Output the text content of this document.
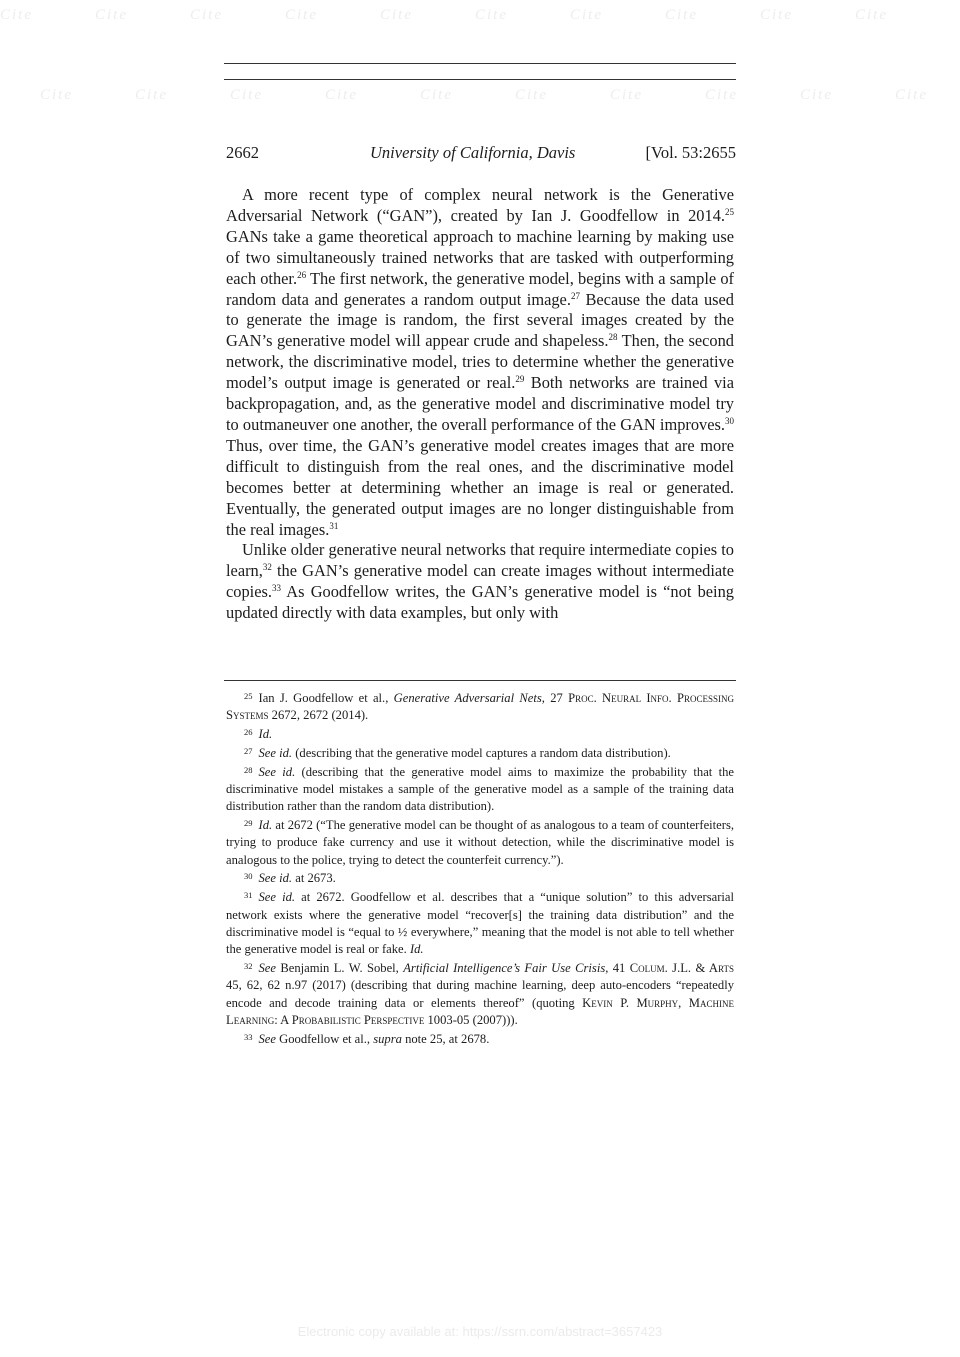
Cite	Cite	Cite	Cite	Cite	Cite	Cite	Cite	Cite	Cite
Cite	Cite	Cite	Cite	Cite	Cite	Cite	Cite	Cite	Cite
2662	University of California, Davis	[Vol. 53:2655

A more recent type of complex neural network is the Generative Adversarial Network (“GAN”), created by Ian J. Goodfellow in 2014.25 GANs take a game theoretical approach to machine learning by making use of two simultaneously trained networks that are tasked with outperforming each other.$^{26}$ The first network, the generative model, begins with a sample of random data and generates a random output image.$^{27}$ Because the data used to generate the image is random, the first several images created by the GAN’s generative model will appear crude and shapeless.$^{28}$ Then, the second network, the discriminative model, tries to determine whether the generative model’s output image is generated or real.$^{29}$ Both networks are trained via backpropagation, and, as the generative model and discriminative model try to outmaneuver one another, the overall performance of the GAN improves.$^{30}$ Thus, over time, the GAN’s generative model creates images that are more difficult to distinguish from the real ones, and the discriminative model becomes better at determining whether an image is real or generated. Eventually, the generated output images are no longer distinguishable from the real images.$^{31}$

Unlike older generative neural networks that require intermediate copies to learn,$^{32}$ the GAN’s generative model can create images without intermediate copies.$^{33}$ As Goodfellow writes, the GAN’s generative model is “not being updated directly with data examples, but only with

$^{25}$ Ian J. Goodfellow et al., Generative Adversarial Nets, 27 Proc. Neural Info. Processing Systems 2672, 2672 (2014).

$^{26}$ Id.

$^{27}$ See id. (describing that the generative model captures a random data distribution).

$^{28}$ See id. (describing that the generative model aims to maximize the probability that the discriminative model mistakes a sample of the generative model as a sample of the training data distribution rather than the random data distribution).

$^{29}$ Id. at 2672 (“The generative model can be thought of as analogous to a team of counterfeiters, trying to produce fake currency and use it without detection, while the discriminative model is analogous to the police, trying to detect the counterfeit currency.”).

$^{30}$ See id. at 2673.

$^{31}$ See id. at 2672. Goodfellow et al. describes that a “unique solution” to this adversarial network exists where the generative model “recover[s] the training data distribution” and the discriminative model is “equal to ½ everywhere,” meaning that the model is not able to tell whether the generative model is real or fake. Id.

$^{32}$ See Benjamin L. W. Sobel, Artificial Intelligence’s Fair Use Crisis, 41 Colum. J.L. & Arts 45, 62, 62 n.97 (2017) (describing that during machine learning, deep auto-encoders “repeatedly encode and decode training data or elements thereof” (quoting Kevin P. Murphy, Machine Learning: A Probabilistic Perspective 1003-05 (2007))).

$^{33}$ See Goodfellow et al., supra note 25, at 2678.

Electronic copy available at: https://ssrn.com/abstract=3657423
